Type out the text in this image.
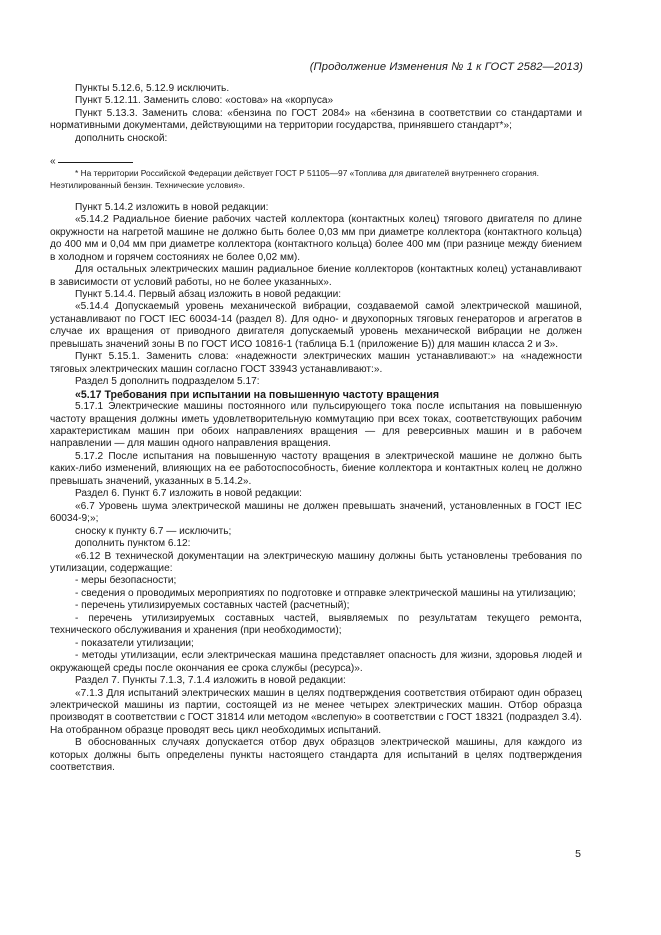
(Продолжение Изменения № 1 к ГОСТ 2582—2013)

Пункты 5.12.6, 5.12.9 исключить.

Пункт 5.12.11. Заменить слово: «остова» на «корпуса»

Пункт 5.13.3. Заменить слова: «бензина по ГОСТ 2084» на «бензина в соответствии со стандартами и нормативными документами, действующими на территории государства, принявшего стандарт*»;

дополнить сноской:

«

* На территории Российской Федерации действует ГОСТ Р 51105—97 «Топлива для двигателей внутреннего сгорания. Неэтилированный бензин. Технические условия».

Пункт 5.14.2 изложить в новой редакции:

«5.14.2 Радиальное биение рабочих частей коллектора (контактных колец) тягового двигателя по длине окружности на нагретой машине не должно быть более 0,03 мм при диаметре коллектора (контактного кольца) до 400 мм и 0,04 мм при диаметре коллектора (контактного кольца) более 400 мм (при разнице между биением в холодном и горячем состояниях не более 0,02 мм).

Для остальных электрических машин радиальное биение коллекторов (контактных колец) устанавливают в зависимости от условий работы, но не более указанных».

Пункт 5.14.4. Первый абзац изложить в новой редакции:

«5.14.4 Допускаемый уровень механической вибрации, создаваемой самой электрической машиной, устанавливают по ГОСТ IEC 60034-14 (раздел 8). Для одно- и двухопорных тяговых генераторов и агрегатов в случае их вращения от приводного двигателя допускаемый уровень механической вибрации не должен превышать значений зоны В по ГОСТ ИСО 10816-1 (таблица Б.1 (приложение Б)) для машин класса 2 и 3».

Пункт 5.15.1. Заменить слова: «надежности электрических машин устанавливают:» на «надежности тяговых электрических машин согласно ГОСТ 33943 устанавливают:».

Раздел 5 дополнить подразделом 5.17:

«5.17 Требования при испытании на повышенную частоту вращения

5.17.1 Электрические машины постоянного или пульсирующего тока после испытания на повышенную частоту вращения должны иметь удовлетворительную коммутацию при всех токах, соответствующих рабочим характеристикам машин при обоих направлениях вращения — для реверсивных машин и в рабочем направлении — для машин одного направления вращения.

5.17.2 После испытания на повышенную частоту вращения в электрической машине не должно быть каких-либо изменений, влияющих на ее работоспособность, биение коллектора и контактных колец не должно превышать значений, указанных в 5.14.2».

Раздел 6. Пункт 6.7 изложить в новой редакции:

«6.7 Уровень шума электрической машины не должен превышать значений, установленных в ГОСТ IEC 60034-9;»;

сноску к пункту 6.7 — исключить;

дополнить пунктом 6.12:

«6.12 В технической документации на электрическую машину должны быть установлены требования по утилизации, содержащие:

- меры безопасности;

- сведения о проводимых мероприятиях по подготовке и отправке электрической машины на утилизацию;

- перечень утилизируемых составных частей (расчетный);

- перечень утилизируемых составных частей, выявляемых по результатам текущего ремонта, технического обслуживания и хранения (при необходимости);

- показатели утилизации;

- методы утилизации, если электрическая машина представляет опасность для жизни, здоровья людей и окружающей среды после окончания ее срока службы (ресурса)».

Раздел 7. Пункты 7.1.3, 7.1.4 изложить в новой редакции:

«7.1.3 Для испытаний электрических машин в целях подтверждения соответствия отбирают один образец электрической машины из партии, состоящей из не менее четырех электрических машин. Отбор образца производят в соответствии с ГОСТ 31814 или методом «вслепую» в соответствии с ГОСТ 18321 (подраздел 3.4). На отобранном образце проводят весь цикл необходимых испытаний.

В обоснованных случаях допускается отбор двух образцов электрической машины, для каждого из которых должны быть определены пункты настоящего стандарта для испытаний в целях подтверждения соответствия.

5
